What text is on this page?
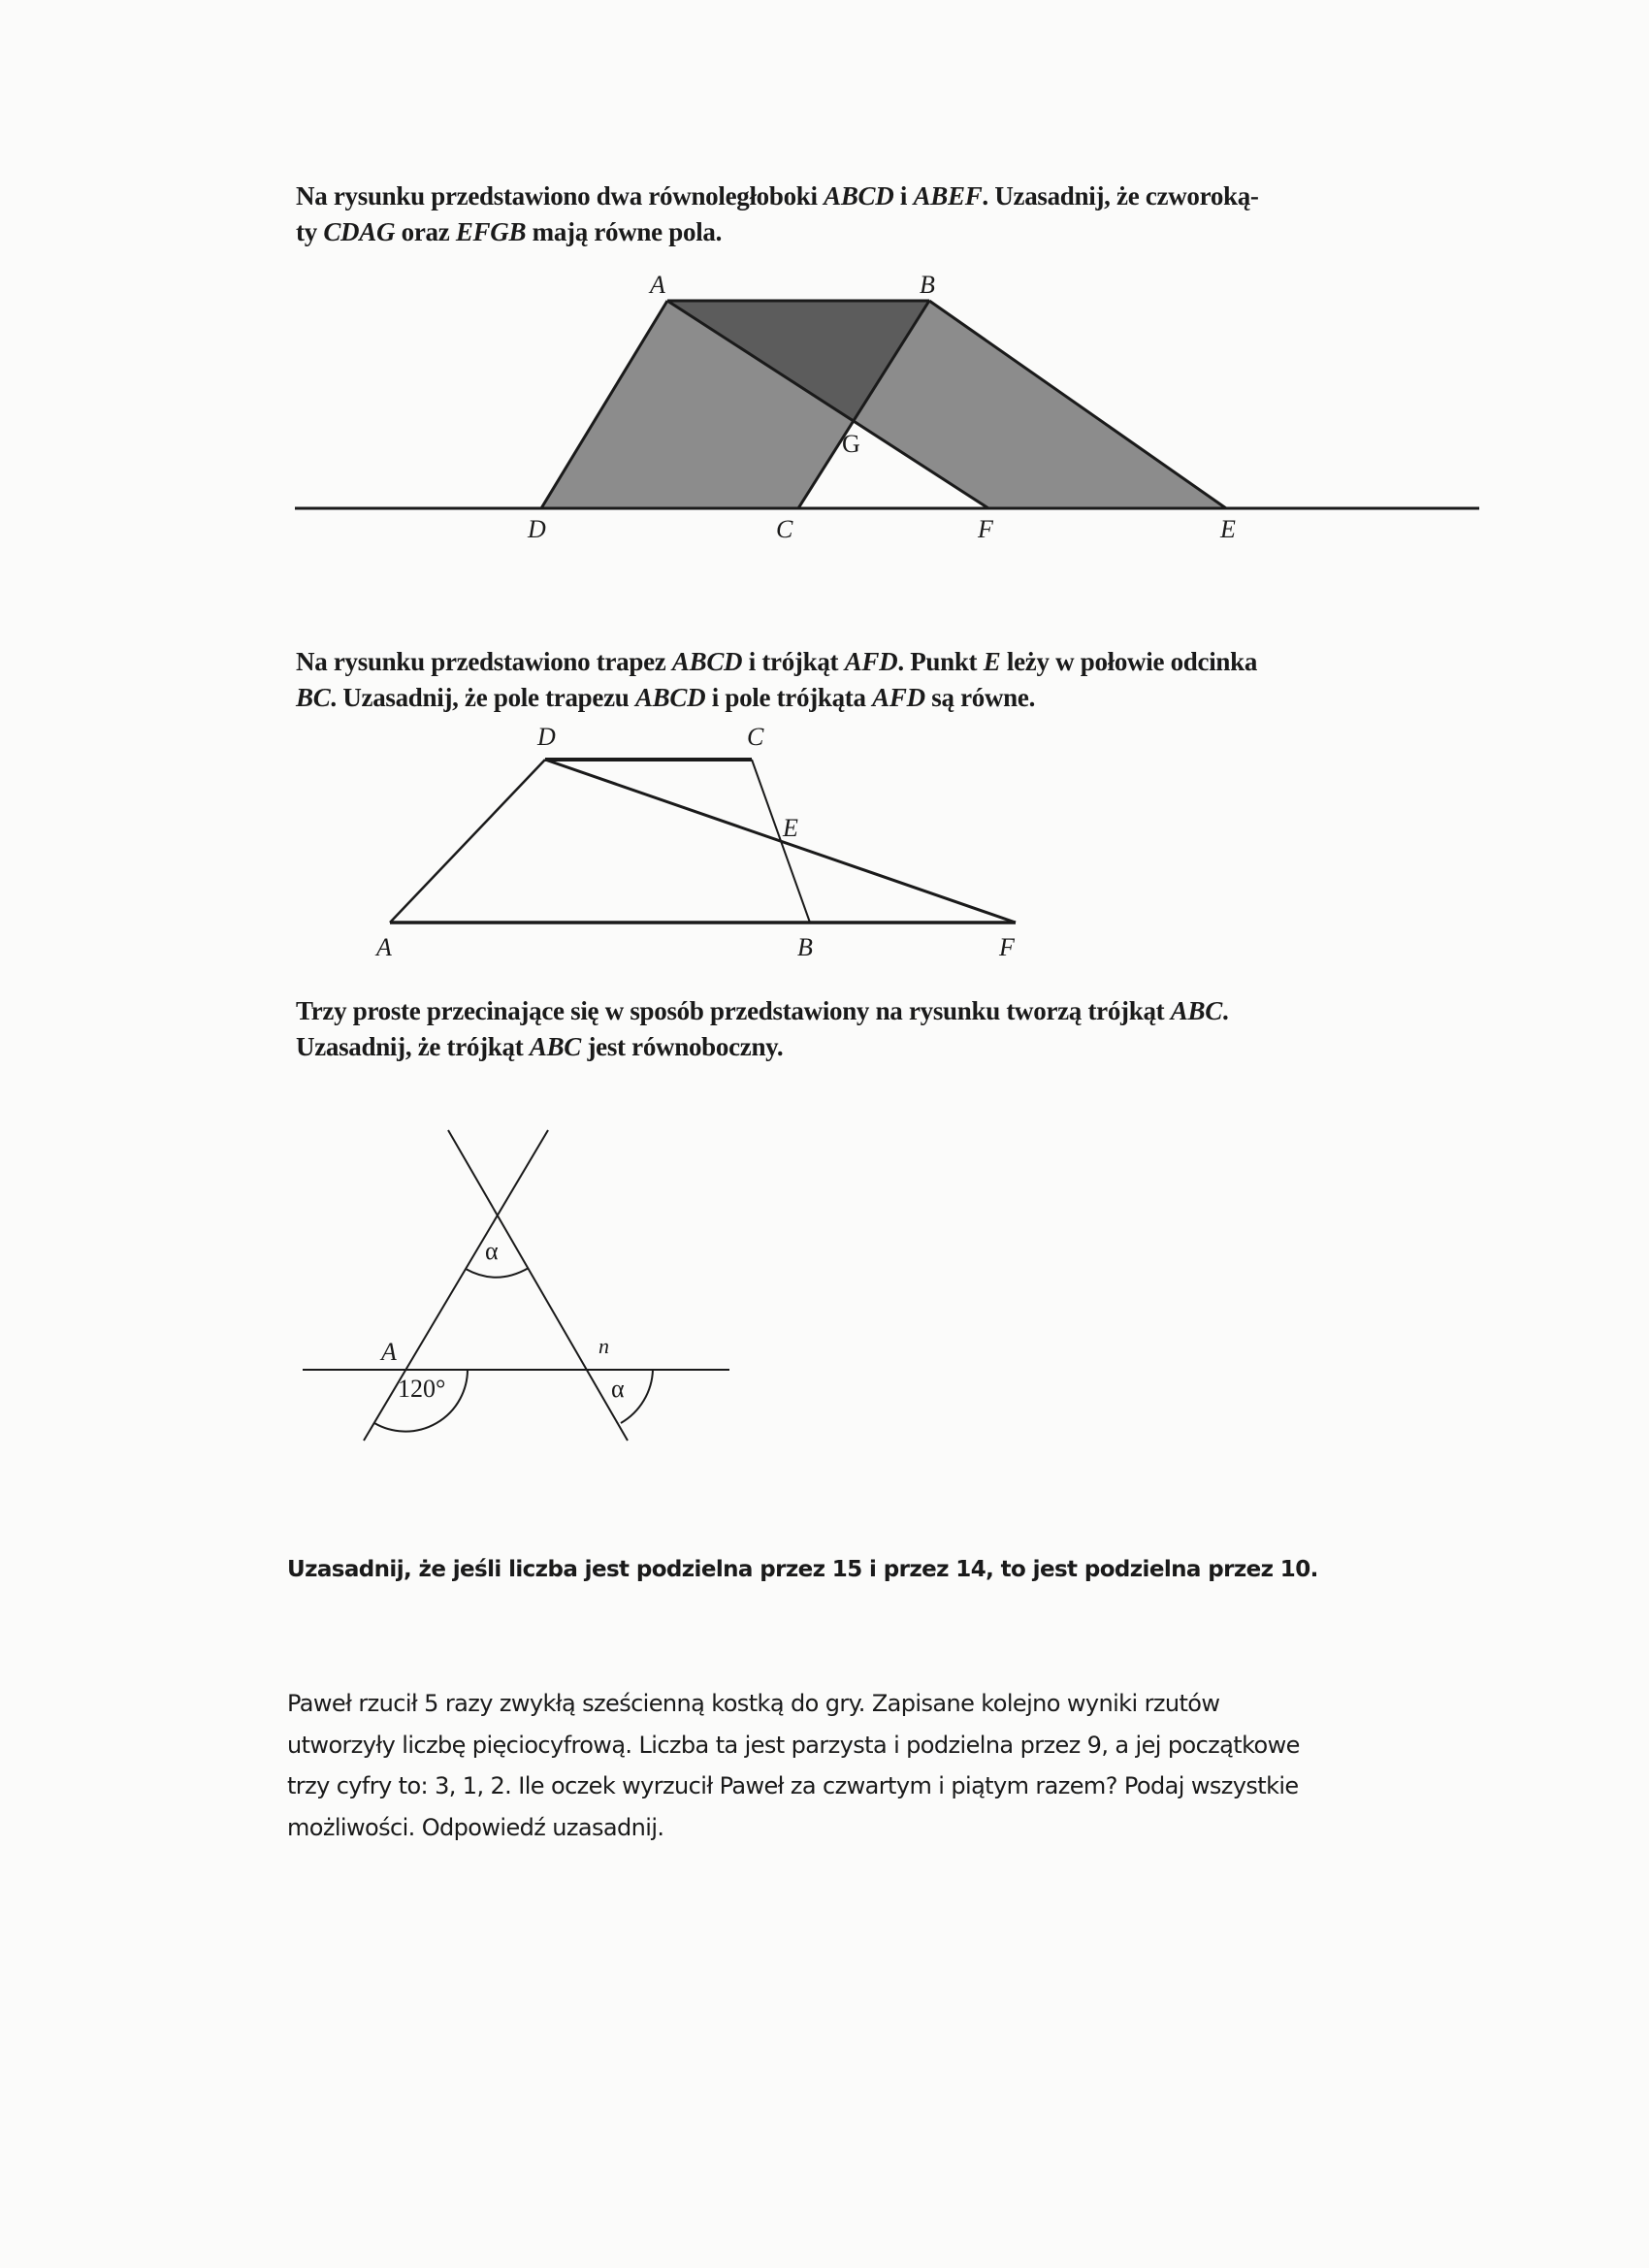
Na rysunku przedstawiono dwa równoległoboki ABCD i ABEF. Uzasadnij, że czworoką-
ty CDAG oraz EFGB mają równe pola.
Na rysunku przedstawiono trapez ABCD i trójkąt AFD. Punkt E leży w połowie odcinka
BC. Uzasadnij, że pole trapezu ABCD i pole trójkąta AFD są równe.
Trzy proste przecinające się w sposób przedstawiony na rysunku tworzą trójkąt ABC.
Uzasadnij, że trójkąt ABC jest równoboczny.
Uzasadnij, że jeśli liczba jest podzielna przez 15 i przez 14, to jest podzielna przez 10.
Paweł rzucił 5 razy zwykłą sześcienną kostką do gry. Zapisane kolejno wyniki rzutów
utworzyły liczbę pięciocyfrową. Liczba ta jest parzysta i podzielna przez 9, a jej początkowe
trzy cyfry to: 3, 1, 2. Ile oczek wyrzucił Paweł za czwartym i piątym razem? Podaj wszystkie
możliwości. Odpowiedź uzasadnij.
A	B
G
D	C	F	E
D	C
E
A	B	F
α
A	n
120°	α
